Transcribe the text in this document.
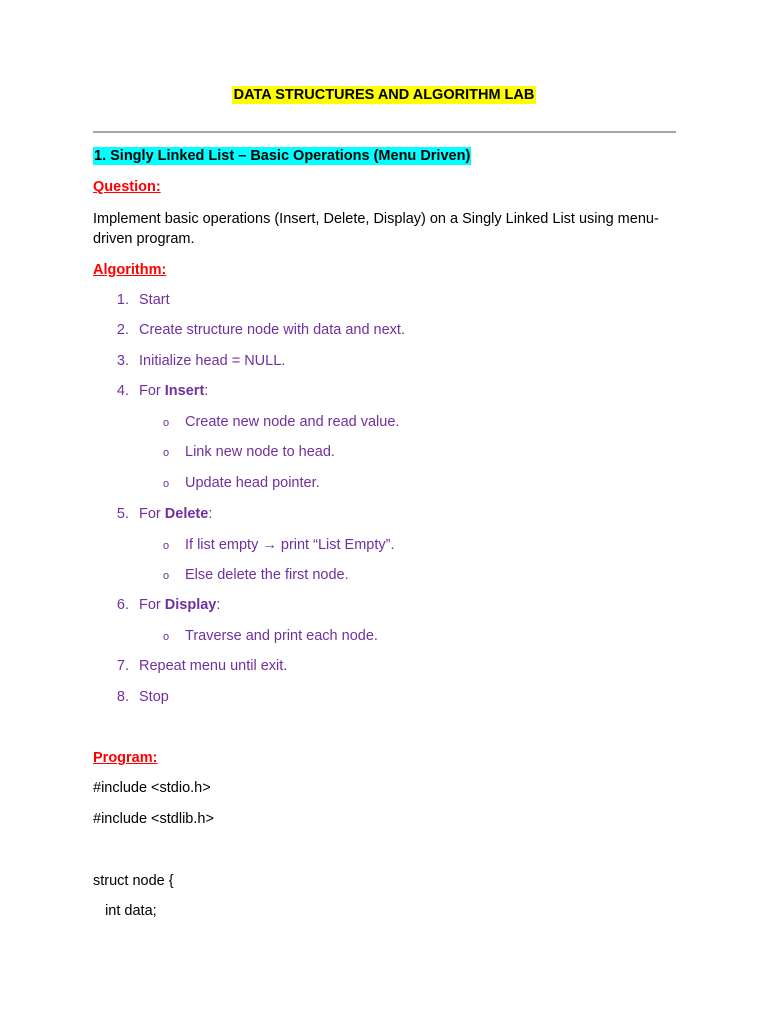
DATA STRUCTURES AND ALGORITHM LAB
1. Singly Linked List – Basic Operations (Menu Driven)
Question:
Implement basic operations (Insert, Delete, Display) on a Singly Linked List using menu-driven program.
Algorithm:
1. Start
2. Create structure node with data and next.
3. Initialize head = NULL.
4. For Insert:
o Create new node and read value.
o Link new node to head.
o Update head pointer.
5. For Delete:
o If list empty → print “List Empty”.
o Else delete the first node.
6. For Display:
o Traverse and print each node.
7. Repeat menu until exit.
8. Stop
Program:
#include <stdio.h>
#include <stdlib.h>
struct node {
int data;
